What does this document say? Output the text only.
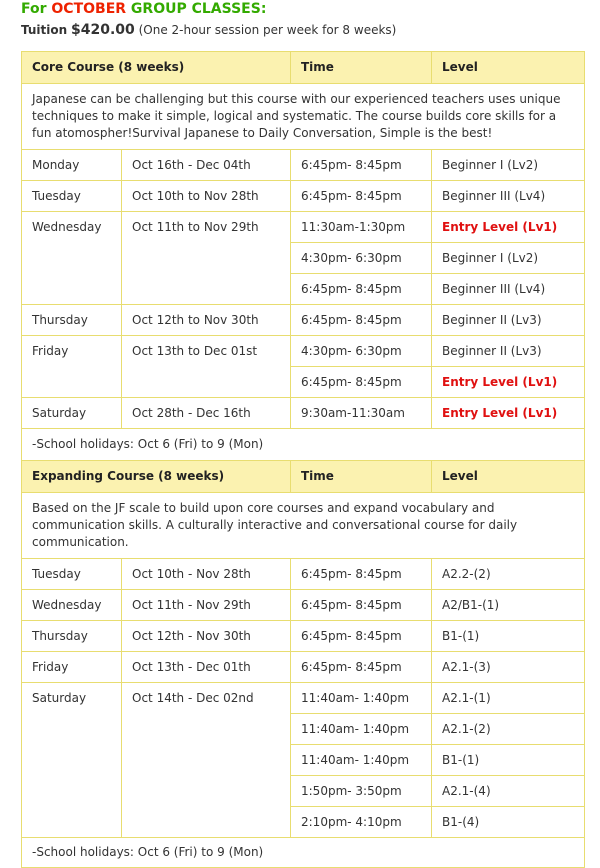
For OCTOBER GROUP CLASSES:
Tuition $420.00 (One 2-hour session per week for 8 weeks)
Core Course (8 weeks)		Time	Level
Japanese can be challenging but this course with our experienced teachers uses unique techniques to make it simple, logical and systematic. The course builds core skills for a fun atomospher!Survival Japanese to Daily Conversation, Simple is the best!			
Monday	Oct 16th - Dec 04th	6:45pm- 8:45pm	Beginner I (Lv2)
Tuesday	Oct 10th to Nov 28th	6:45pm- 8:45pm	Beginner III (Lv4)
Wednesday	Oct 11th to Nov 29th	11:30am-1:30pm	Entry Level (Lv1)
		4:30pm- 6:30pm	Beginner I (Lv2)
		6:45pm- 8:45pm	Beginner III (Lv4)
Thursday	Oct 12th to Nov 30th	6:45pm- 8:45pm	Beginner II (Lv3)
Friday	Oct 13th to Dec 01st	4:30pm- 6:30pm	Beginner II (Lv3)
		6:45pm- 8:45pm	Entry Level (Lv1)
Saturday	Oct 28th - Dec 16th	9:30am-11:30am	Entry Level (Lv1)
-School holidays: Oct 6 (Fri) to 9 (Mon)			
Expanding Course (8 weeks)		Time	Level
Based on the JF scale to build upon core courses and expand vocabulary and communication skills. A culturally interactive and conversational course for daily communication.			
Tuesday	Oct 10th - Nov 28th	6:45pm- 8:45pm	A2.2-(2)
Wednesday	Oct 11th - Nov 29th	6:45pm- 8:45pm	A2/B1-(1)
Thursday	Oct 12th - Nov 30th	6:45pm- 8:45pm	B1-(1)
Friday	Oct 13th - Dec 01th	6:45pm- 8:45pm	A2.1-(3)
Saturday	Oct 14th - Dec 02nd	11:40am- 1:40pm	A2.1-(1)
		11:40am- 1:40pm	A2.1-(2)
		11:40am- 1:40pm	B1-(1)
		1:50pm- 3:50pm	A2.1-(4)
		2:10pm- 4:10pm	B1-(4)
-School holidays: Oct 6 (Fri) to 9 (Mon)			
